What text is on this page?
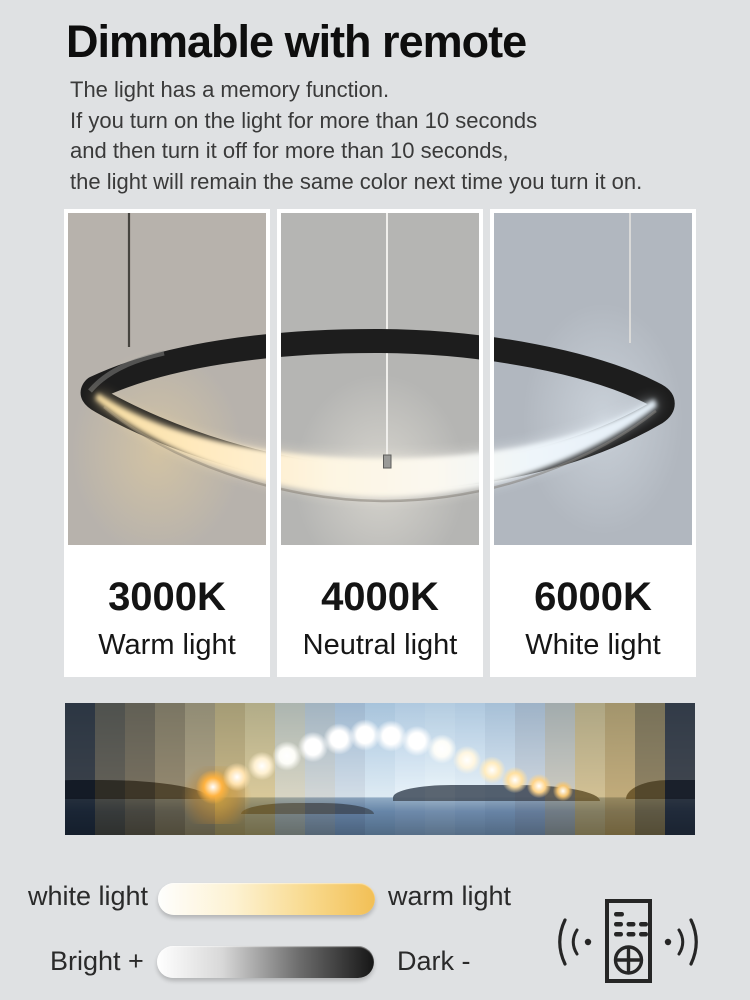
Dimmable with remote
The light has a memory function.
If you turn on the light for more than 10 seconds
and then turn it off for more than 10 seconds,
the light will remain the same color next time you turn it on.
3000K
Warm light
4000K
Neutral light
6000K
White light
white light	warm light
Bright +	Dark -
